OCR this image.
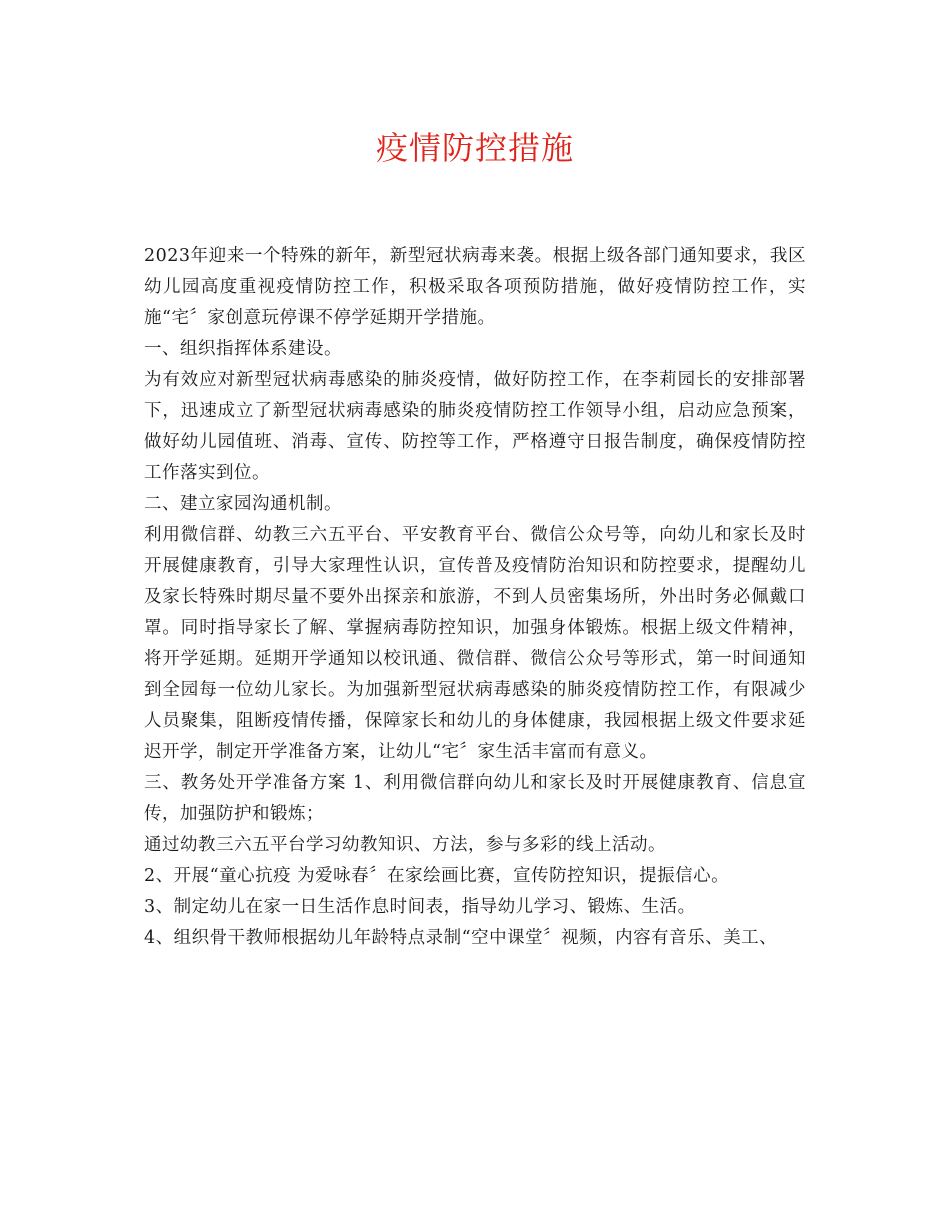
疫情防控措施

2023年迎来一个特殊的新年，新型冠状病毒来袭。根据上级各部门通知要求，我区幼儿园高度重视疫情防控工作，积极采取各项预防措施，做好疫情防控工作，实施“宅〞家创意玩停课不停学延期开学措施。

一、组织指挥体系建设。

为有效应对新型冠状病毒感染的肺炎疫情，做好防控工作，在李莉园长的安排部署下，迅速成立了新型冠状病毒感染的肺炎疫情防控工作领导小组，启动应急预案，做好幼儿园值班、消毒、宣传、防控等工作，严格遵守日报告制度，确保疫情防控工作落实到位。

二、建立家园沟通机制。

利用微信群、幼教三六五平台、平安教育平台、微信公众号等，向幼儿和家长及时开展健康教育，引导大家理性认识，宣传普及疫情防治知识和防控要求，提醒幼儿及家长特殊时期尽量不要外出探亲和旅游，不到人员密集场所，外出时务必佩戴口罩。同时指导家长了解、掌握病毒防控知识，加强身体锻炼。根据上级文件精神，将开学延期。延期开学通知以校讯通、微信群、微信公众号等形式，第一时间通知到全园每一位幼儿家长。为加强新型冠状病毒感染的肺炎疫情防控工作，有限减少人员聚集，阻断疫情传播，保障家长和幼儿的身体健康，我园根据上级文件要求延迟开学，制定开学准备方案，让幼儿“宅〞家生活丰富而有意义。

三、教务处开学准备方案 1、利用微信群向幼儿和家长及时开展健康教育、信息宣传，加强防护和锻炼；

通过幼教三六五平台学习幼教知识、方法，参与多彩的线上活动。

2、开展“童心抗疫 为爱咏春〞在家绘画比赛，宣传防控知识，提振信心。

3、制定幼儿在家一日生活作息时间表，指导幼儿学习、锻炼、生活。

4、组织骨干教师根据幼儿年龄特点录制“空中课堂〞视频，内容有音乐、美工、
